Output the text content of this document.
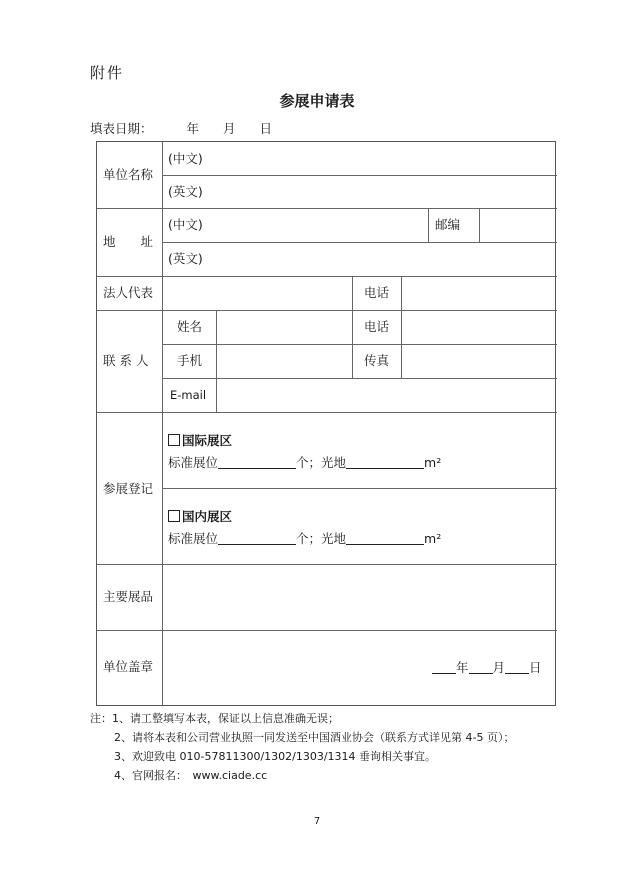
附件
参展申请表
填表日期：	年 月 日
单位名称
(中文)
(英文)
地　　址
(中文)	邮编
(英文)
法人代表	电话
联 系 人
姓名	电话
手机	传真
E-mail
参展登记
国际展区
标准展位	个；光地	m²
国内展区
标准展位	个；光地	m²
主要展品
单位盖章	年 月 日
注：1、请工整填写本表，保证以上信息准确无误；
2、请将本表和公司营业执照一同发送至中国酒业协会（联系方式详见第 4-5 页）；
3、欢迎致电 010-57811300/1302/1303/1314 垂询相关事宜。
4、官网报名：　www.ciade.cc
7
